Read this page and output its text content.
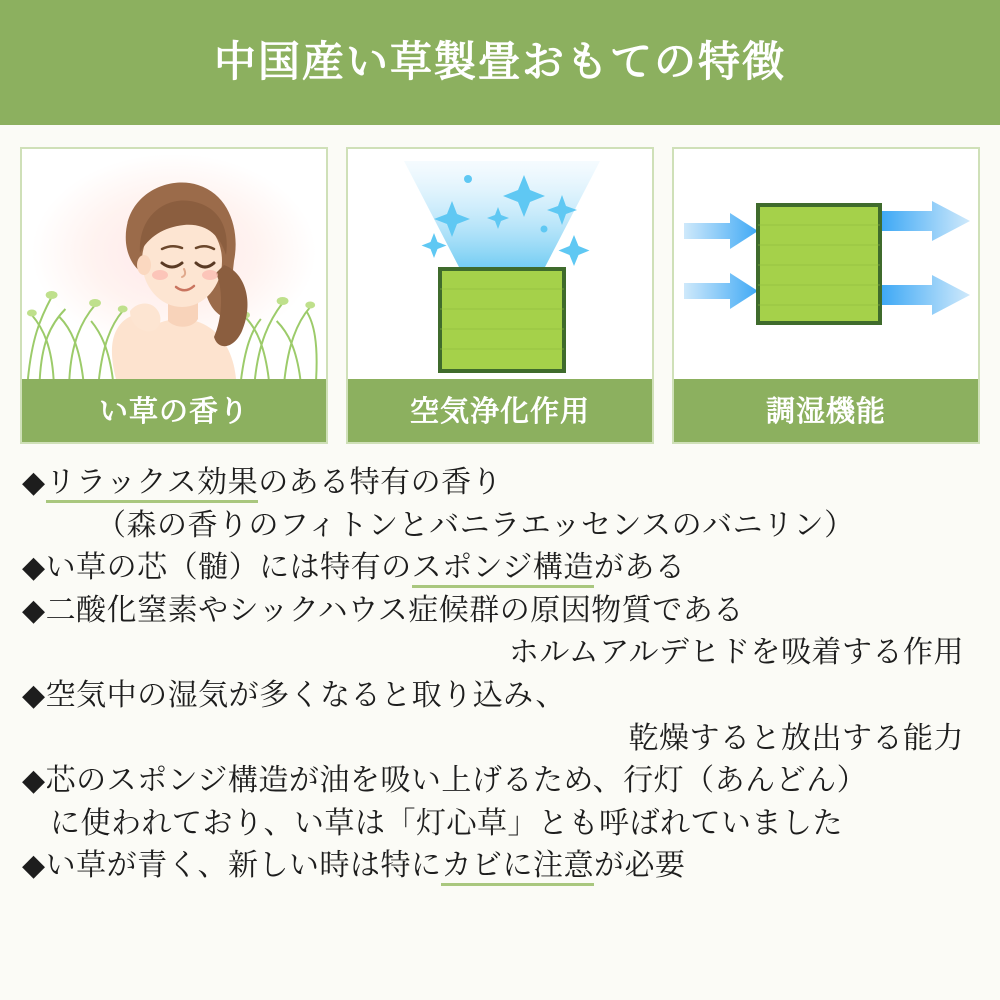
中国産い草製畳おもての特徴
い草の香り	空気浄化作用	調湿機能
◆リラックス効果のある特有の香り
（森の香りのフィトンとバニラエッセンスのバニリン）
◆い草の芯（髄）には特有のスポンジ構造がある
◆二酸化窒素やシックハウス症候群の原因物質である
ホルムアルデヒドを吸着する作用
◆空気中の湿気が多くなると取り込み、
乾燥すると放出する能力
◆芯のスポンジ構造が油を吸い上げるため、行灯（あんどん）
に使われており、い草は「灯心草」とも呼ばれていました
◆い草が青く、新しい時は特にカビに注意が必要
